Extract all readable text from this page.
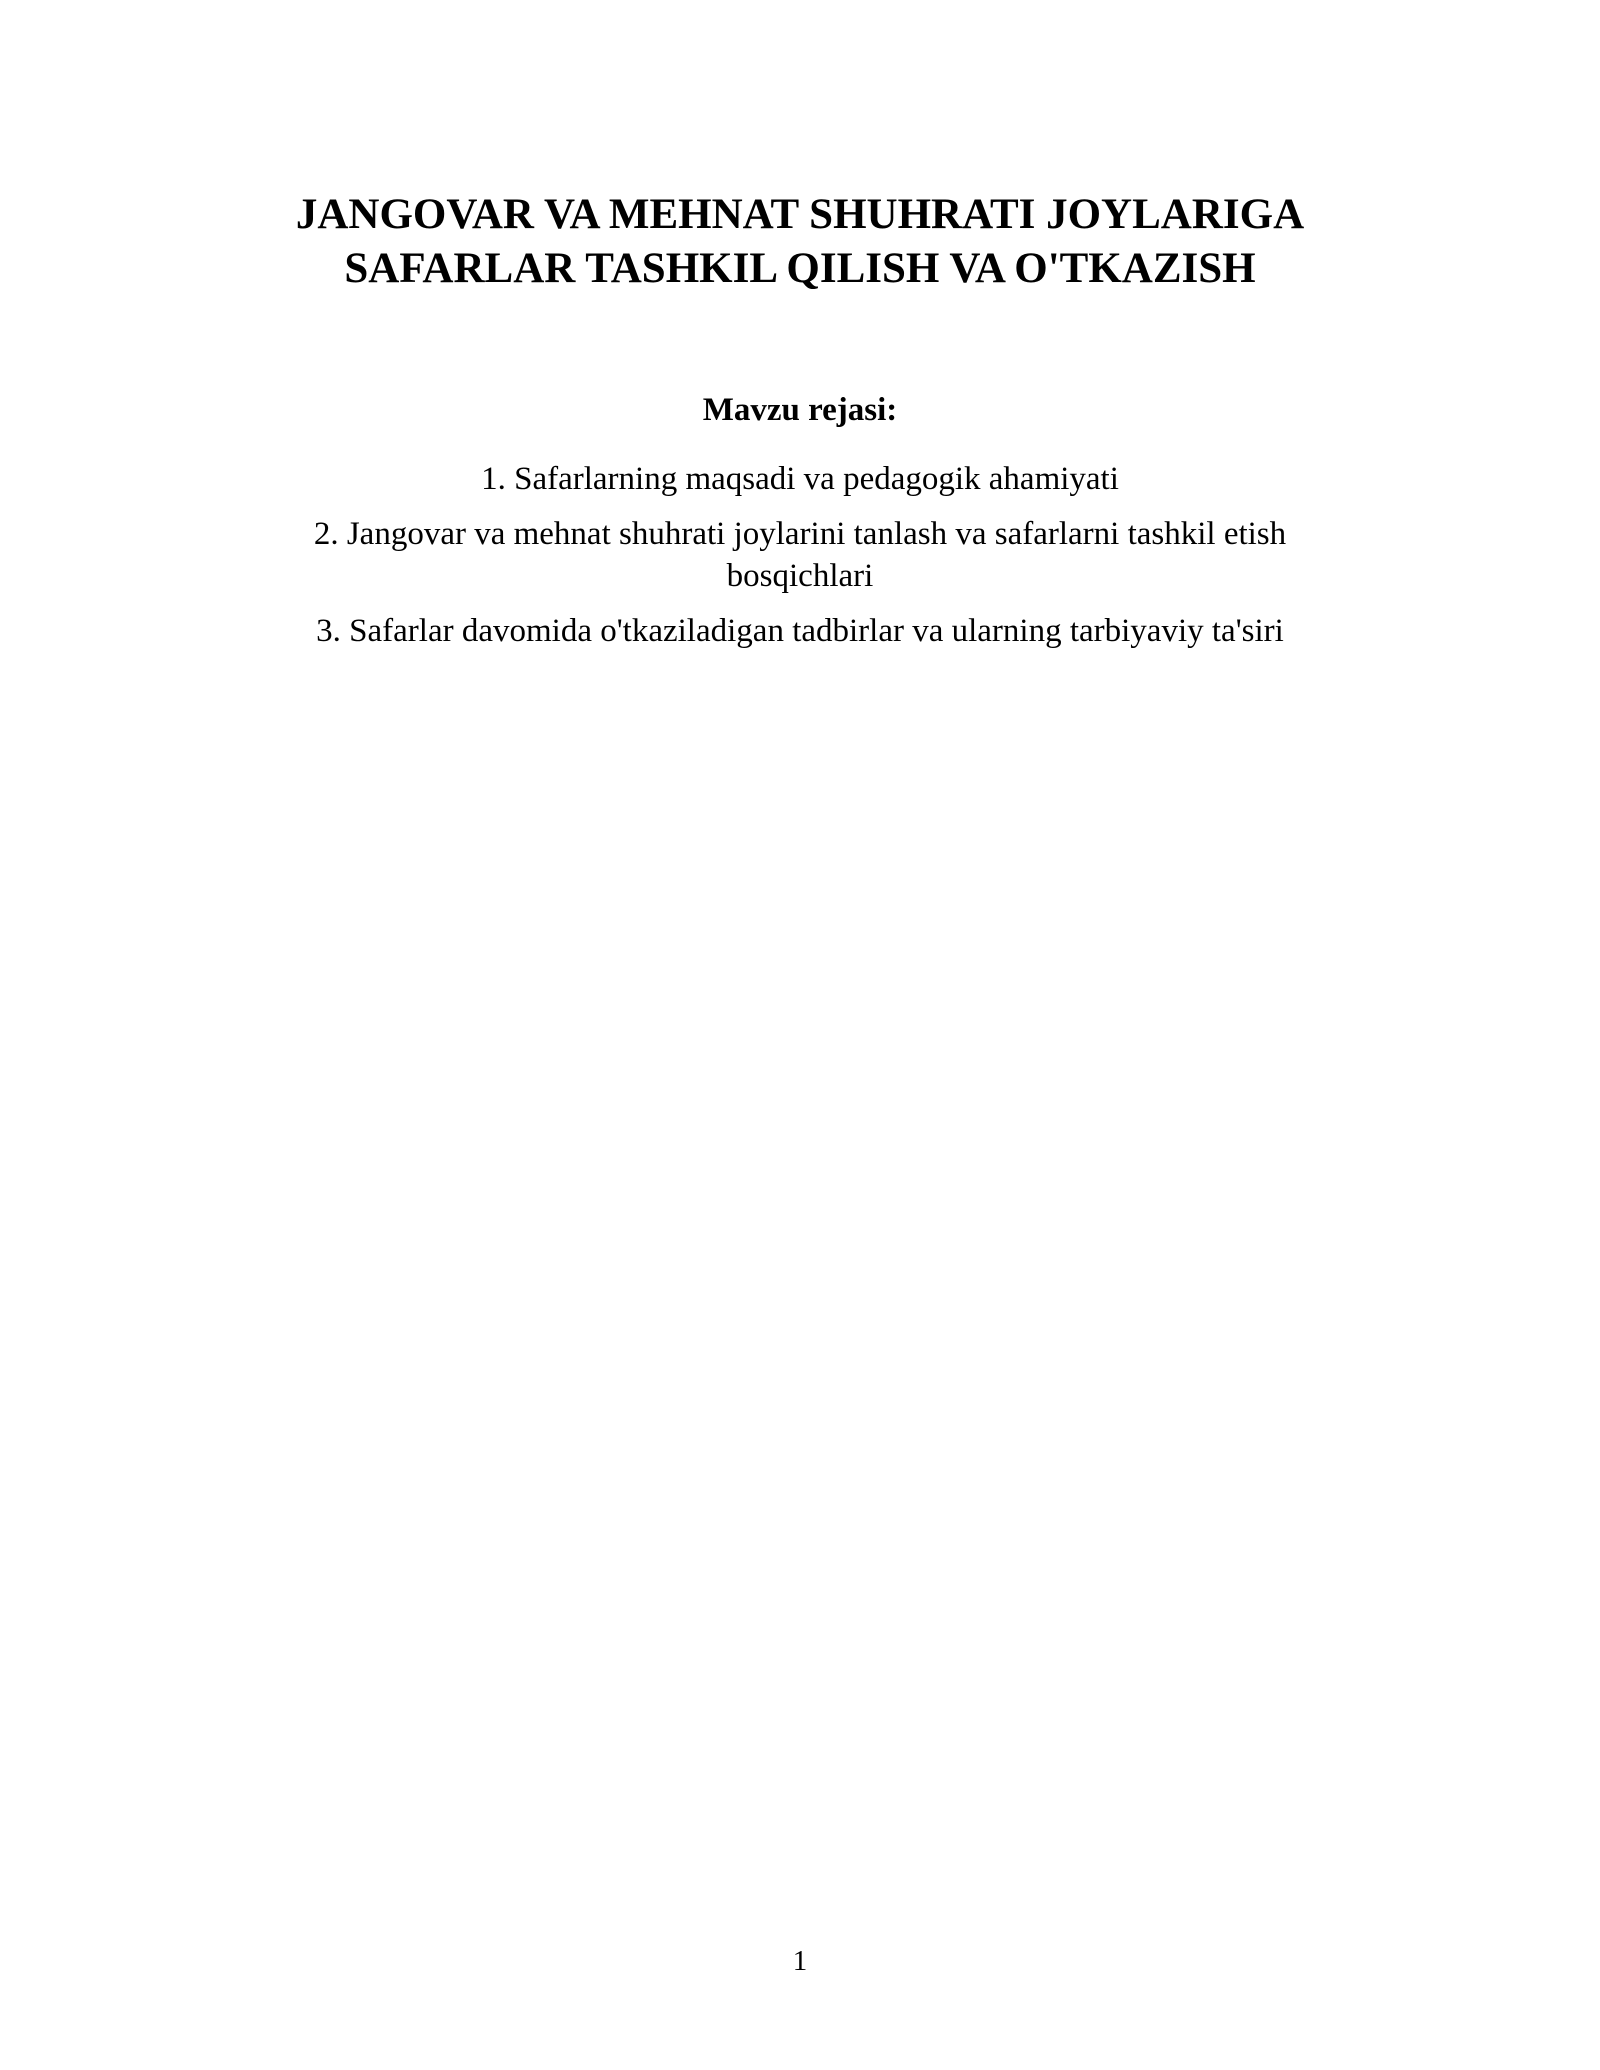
JANGOVAR VA MEHNAT SHUHRATI JOYLARIGA
SAFARLAR TASHKIL QILISH VA O'TKAZISH
Mavzu rejasi:
1. Safarlarning maqsadi va pedagogik ahamiyati
2. Jangovar va mehnat shuhrati joylarini tanlash va safarlarni tashkil etish bosqichlari
3. Safarlar davomida o'tkaziladigan tadbirlar va ularning tarbiyaviy ta'siri
1
